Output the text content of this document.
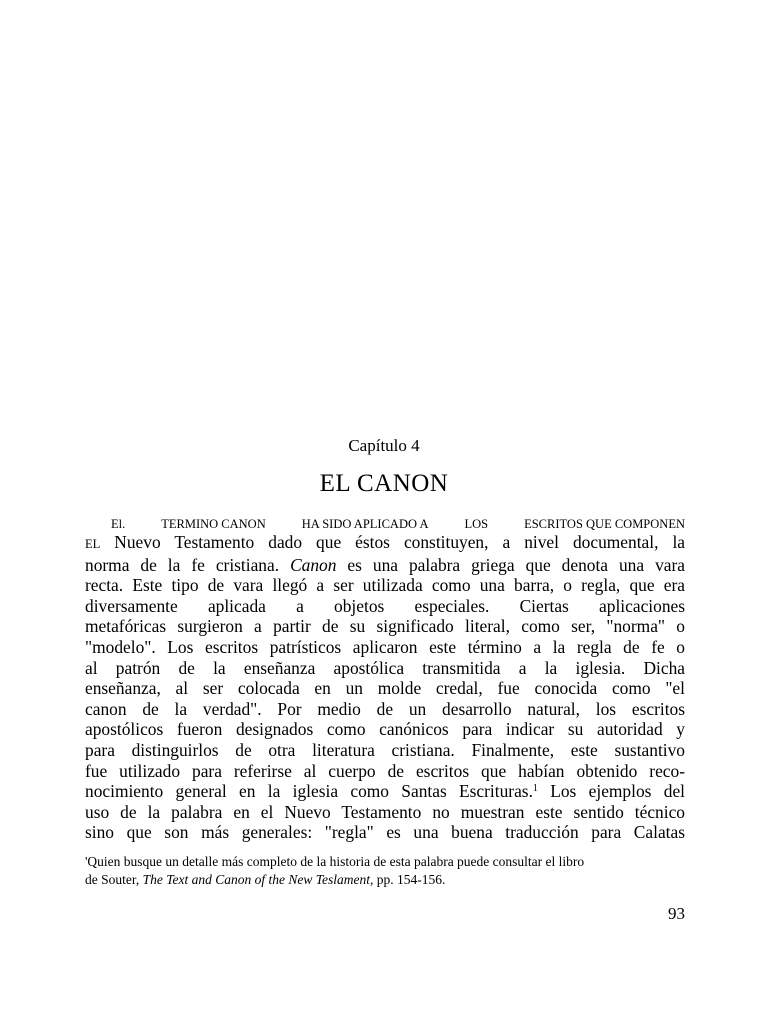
Capítulo 4
EL CANON
El.	TERMINO CANON	HA SIDO APLICADO A	LOS	ESCRITOS QUE COMPONEN
EL Nuevo Testamento dado que éstos constituyen, a nivel documental, la
norma de la fe cristiana. Canon es una palabra griega que denota una vara
recta. Este tipo de vara llegó a ser utilizada como una barra, o regla, que era
diversamente aplicada a objetos especiales. Ciertas aplicaciones
metafóricas surgieron a partir de su significado literal, como ser, "norma" o
"modelo". Los escritos patrísticos aplicaron este término a la regla de fe o
al patrón de la enseñanza apostólica transmitida a la iglesia. Dicha
enseñanza, al ser colocada en un molde credal, fue conocida como "el
canon de la verdad". Por medio de un desarrollo natural, los escritos
apostólicos fueron designados como canónicos para indicar su autoridad y
para distinguirlos de otra literatura cristiana. Finalmente, este sustantivo
fue utilizado para referirse al cuerpo de escritos que habían obtenido reco-
nocimiento general en la iglesia como Santas Escrituras.$^1$ Los ejemplos del
uso de la palabra en el Nuevo Testamento no muestran este sentido técnico
sino que son más generales: "regla" es una buena traducción para Calatas
'Quien busque un detalle más completo de la historia de esta palabra puede consultar el libro
de Souter, The Text and Canon of the New Teslament, pp. 154-156.
93
